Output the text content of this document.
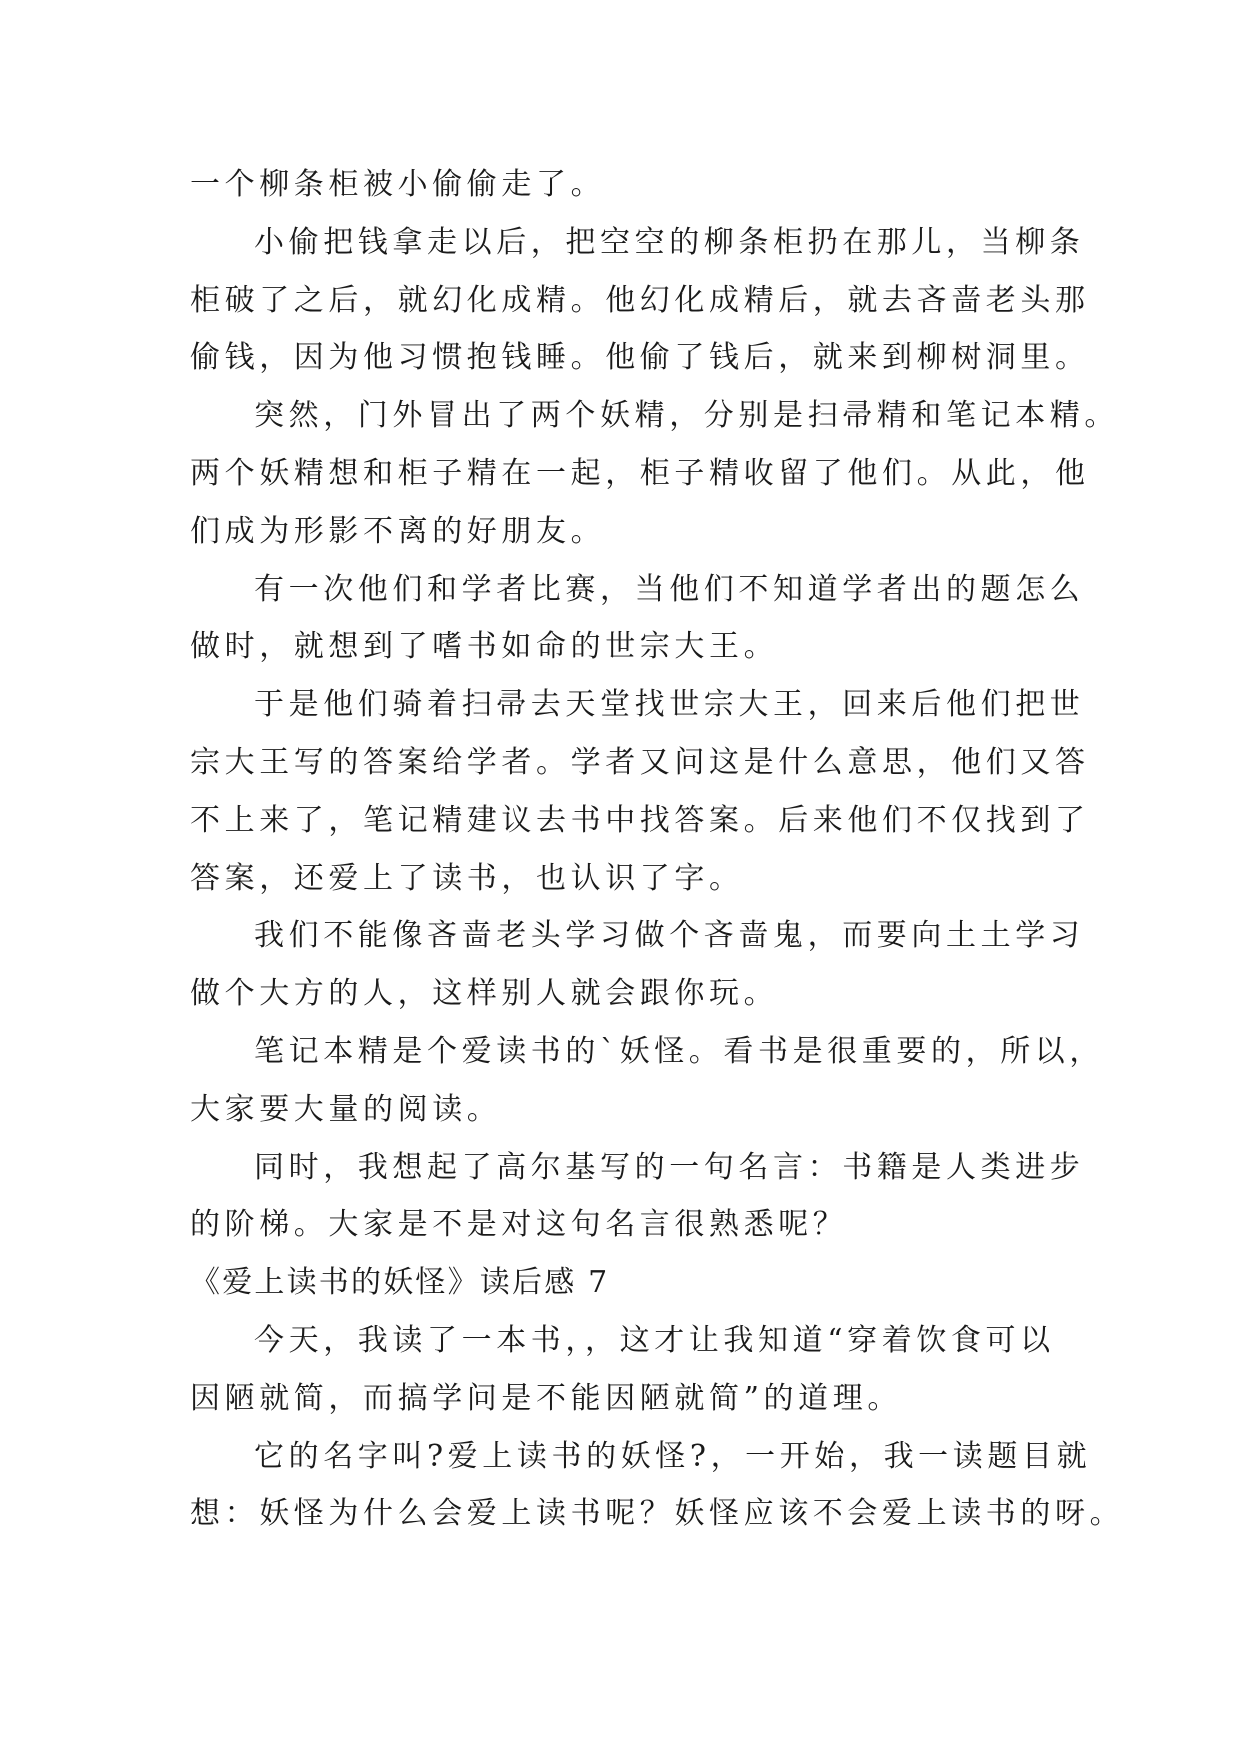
一个柳条柜被小偷偷走了。
小偷把钱拿走以后，把空空的柳条柜扔在那儿，当柳条
柜破了之后，就幻化成精。他幻化成精后，就去吝啬老头那
偷钱，因为他习惯抱钱睡。他偷了钱后，就来到柳树洞里。
突然，门外冒出了两个妖精，分别是扫帚精和笔记本精。
两个妖精想和柜子精在一起，柜子精收留了他们。从此，他
们成为形影不离的好朋友。
有一次他们和学者比赛，当他们不知道学者出的题怎么
做时，就想到了嗜书如命的世宗大王。
于是他们骑着扫帚去天堂找世宗大王，回来后他们把世
宗大王写的答案给学者。学者又问这是什么意思，他们又答
不上来了，笔记精建议去书中找答案。后来他们不仅找到了
答案，还爱上了读书，也认识了字。
我们不能像吝啬老头学习做个吝啬鬼，而要向土土学习
做个大方的人，这样别人就会跟你玩。
笔记本精是个爱读书的`妖怪。看书是很重要的，所以，
大家要大量的阅读。
同时，我想起了高尔基写的一句名言：书籍是人类进步
的阶梯。大家是不是对这句名言很熟悉呢？
《爱上读书的妖怪》读后感 7
今天，我读了一本书，，这才让我知道“穿着饮食可以
因陋就简，而搞学问是不能因陋就简”的道理。
它的名字叫?爱上读书的妖怪?，一开始，我一读题目就
想：妖怪为什么会爱上读书呢？妖怪应该不会爱上读书的呀。
